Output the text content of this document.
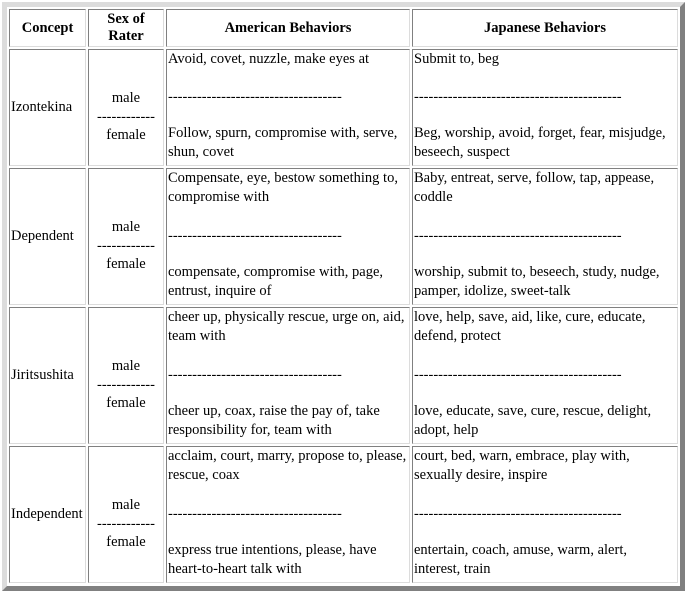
Concept
Sex of Rater
American Behaviors	Japanese Behaviors
Izontekina
male
------------
female
Avoid, covet, nuzzle, make eyes at
------------------------------------
Follow, spurn, compromise with, serve, shun, covet
Submit to, beg
-------------------------------------------
Beg, worship, avoid, forget, fear, misjudge, beseech, suspect
Dependent
male
------------
female
Compensate, eye, bestow something to, compromise with
------------------------------------
compensate, compromise with, page, entrust, inquire of
Baby, entreat, serve, follow, tap, appease, coddle
-------------------------------------------
worship, submit to, beseech, study, nudge, pamper, idolize, sweet-talk
Jiritsushita
male
------------
female
cheer up, physically rescue, urge on, aid, team with
------------------------------------
cheer up, coax, raise the pay of, take responsibility for, team with
love, help, save, aid, like, cure, educate, defend, protect
-------------------------------------------
love, educate, save, cure, rescue, delight, adopt, help
Independent
male
------------
female
acclaim, court, marry, propose to, please, rescue, coax
------------------------------------
express true intentions, please, have heart-to-heart talk with
court, bed, warn, embrace, play with, sexually desire, inspire
-------------------------------------------
entertain, coach, amuse, warm, alert, interest, train
